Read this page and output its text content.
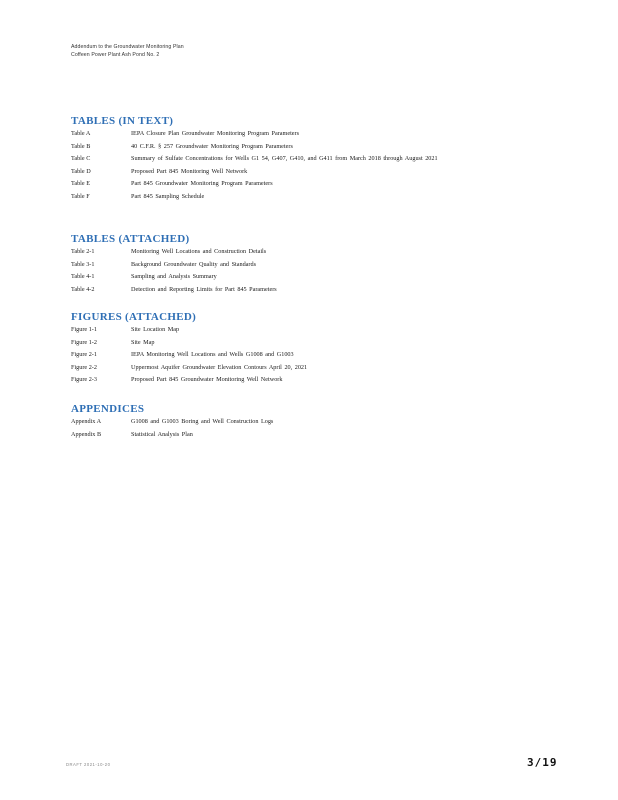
Addendum to the Groundwater Monitoring Plan
Coffeen Power Plant Ash Pond No. 2
TABLES (IN TEXT)
Table A	IEPA Closure Plan Groundwater Monitoring Program Parameters
Table B	40 C.F.R. § 257 Groundwater Monitoring Program Parameters
Table C	Summary of Sulfate Concentrations for Wells G1 54, G407, G410, and G411 from March 2018 through August 2021
Table D	Proposed Part 845 Monitoring Well Network
Table E	Part 845 Groundwater Monitoring Program Parameters
Table F	Part 845 Sampling Schedule
TABLES (ATTACHED)
Table 2-1	Monitoring Well Locations and Construction Details
Table 3-1	Background Groundwater Quality and Standards
Table 4-1	Sampling and Analysis Summary
Table 4-2	Detection and Reporting Limits for Part 845 Parameters
FIGURES (ATTACHED)
Figure 1-1	Site Location Map
Figure 1-2	Site Map
Figure 2-1	IEPA Monitoring Well Locations and Wells G1008 and G1003
Figure 2-2	Uppermost Aquifer Groundwater Elevation Contours April 20, 2021
Figure 2-3	Proposed Part 845 Groundwater Monitoring Well Network
APPENDICES
Appendix A	G1008 and G1003 Boring and Well Construction Logs
Appendix B	Statistical Analysis Plan
DRAFT 2021-10-20	3/19
